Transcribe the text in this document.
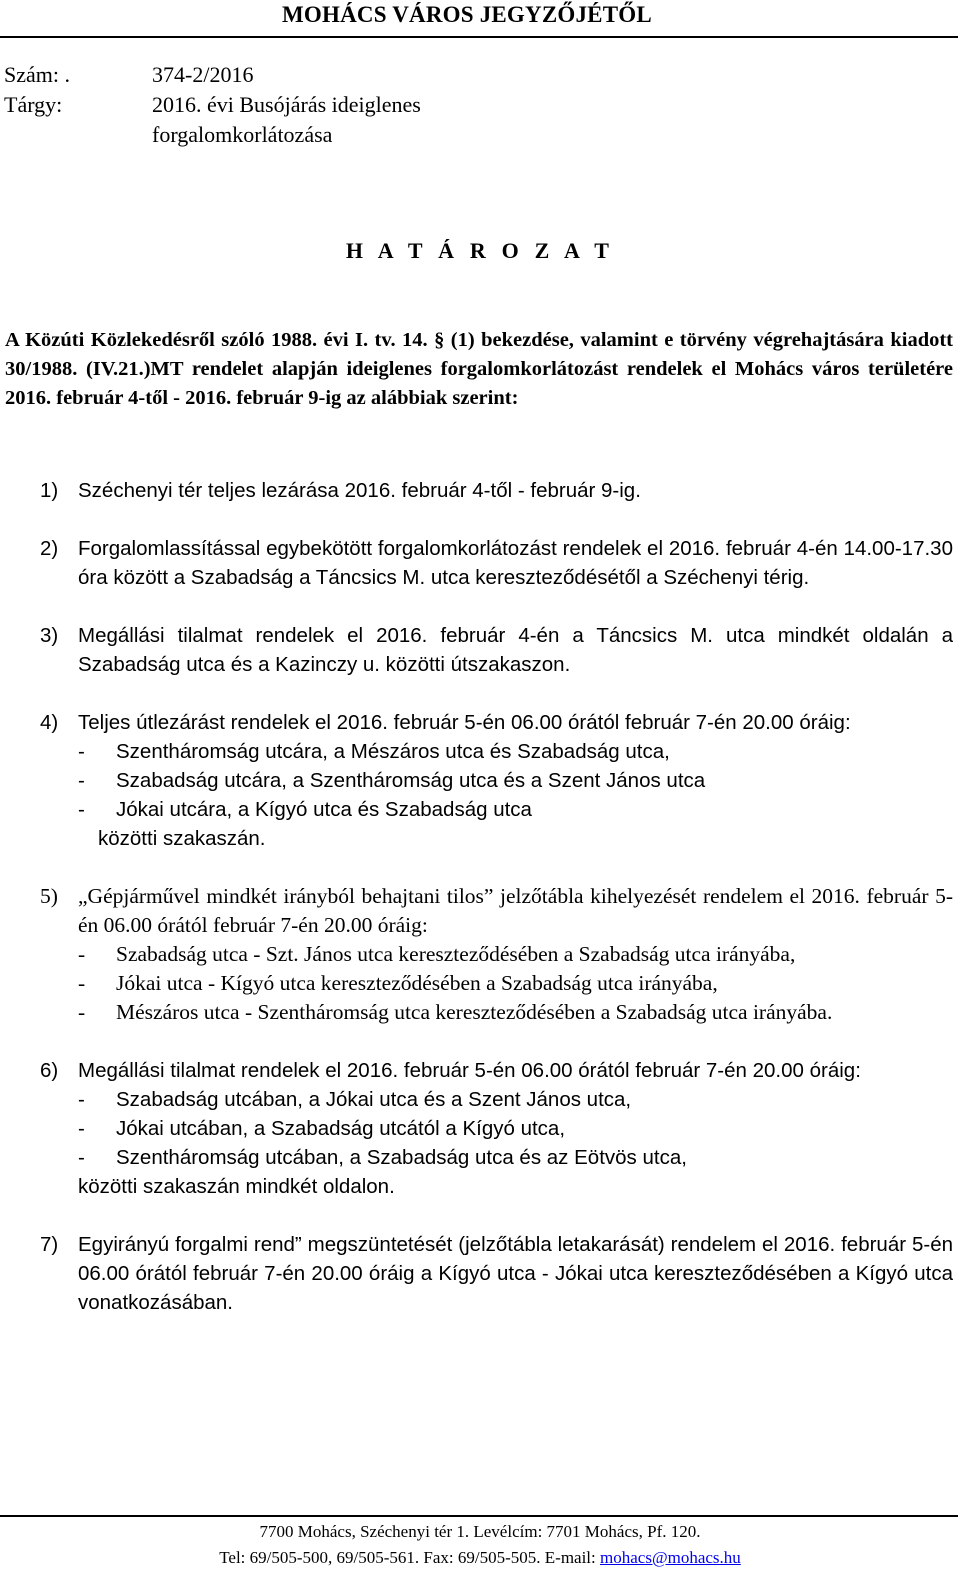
MOHÁCS VÁROS JEGYZŐJÉTŐL
Szám: .	374-2/2016
Tárgy:	2016. évi Busójárás ideiglenes
forgalomkorlátozása
H A T Á R O Z A T
A Közúti Közlekedésről szóló 1988. évi I. tv. 14. § (1) bekezdése, valamint e törvény végrehajtására kiadott 30/1988. (IV.21.)MT rendelet alapján ideiglenes forgalomkorlátozást rendelek el Mohács város területére 2016. február 4-től - 2016. február 9-ig az alábbiak szerint:
1) Széchenyi tér teljes lezárása 2016. február 4-től - február 9-ig.
2) Forgalomlassítással egybekötött forgalomkorlátozást rendelek el 2016. február 4-én 14.00-17.30 óra között a Szabadság a Táncsics M. utca kereszteződésétől a Széchenyi térig.
3) Megállási tilalmat rendelek el 2016. február 4-én a Táncsics M. utca mindkét oldalán a Szabadság utca és a Kazinczy u. közötti útszakaszon.
4) Teljes útlezárást rendelek el 2016. február 5-én 06.00 órától február 7-én 20.00 óráig:
-	Szentháromság utcára, a Mészáros utca és Szabadság utca,
-	Szabadság utcára, a Szentháromság utca és a Szent János utca
-	Jókai utcára, a Kígyó utca és Szabadság utca
közötti szakaszán.
5) „Gépjárművel mindkét irányból behajtani tilos” jelzőtábla kihelyezését rendelem el 2016. február 5-én 06.00 órától február 7-én 20.00 óráig:
-	Szabadság utca - Szt. János utca kereszteződésében a Szabadság utca irányába,
-	Jókai utca - Kígyó utca kereszteződésében a Szabadság utca irányába,
-	Mészáros utca - Szentháromság utca kereszteződésében a Szabadság utca irányába.
6) Megállási tilalmat rendelek el 2016. február 5-én 06.00 órától február 7-én 20.00 óráig:
-	Szabadság utcában, a Jókai utca és a Szent János utca,
-	Jókai utcában, a Szabadság utcától a Kígyó utca,
-	Szentháromság utcában, a Szabadság utca és az Eötvös utca,
közötti szakaszán mindkét oldalon.
7) Egyirányú forgalmi rend” megszüntetését (jelzőtábla letakarását) rendelem el 2016. február 5-én 06.00 órától február 7-én 20.00 óráig a Kígyó utca - Jókai utca kereszteződésében a Kígyó utca vonatkozásában.
7700 Mohács, Széchenyi tér 1. Levélcím: 7701 Mohács, Pf. 120.
Tel: 69/505-500, 69/505-561. Fax: 69/505-505. E-mail: mohacs@mohacs.hu
